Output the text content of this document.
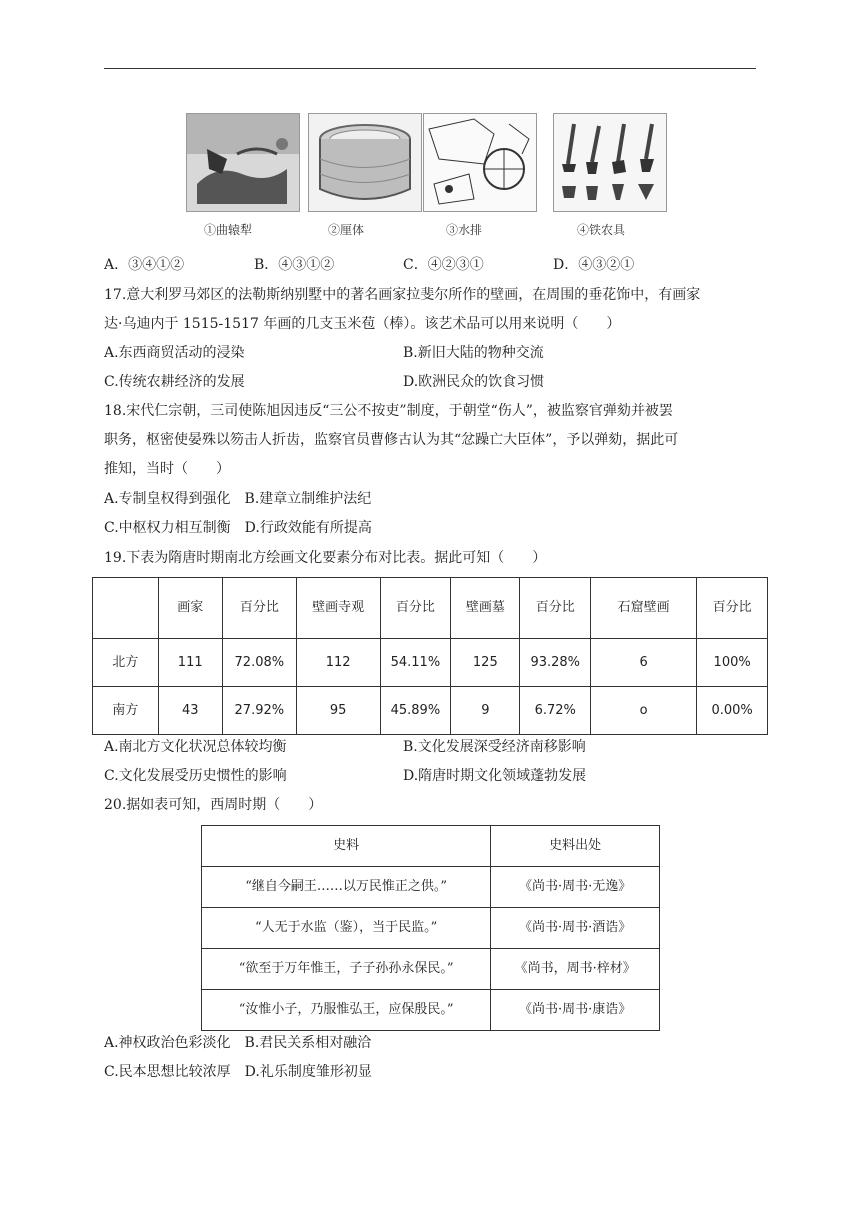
①曲辕犁	②厘体	③水排	④铁农具
A．③④①②	B．④③①②	C．④②③①	D．④③②①
17.意大利罗马郊区的法勒斯纳别墅中的著名画家拉斐尔所作的壁画，在周围的垂花饰中，有画家
达·乌迪内于 1515-1517 年画的几支玉米苞（棒）。该艺术品可以用来说明（　　）
A.东西商贸活动的浸染	B.新旧大陆的物种交流
C.传统农耕经济的发展	D.欧洲民众的饮食习惯
18.宋代仁宗朝，三司使陈旭因违反“三公不按吏”制度，于朝堂“伤人”，被监察官弹劾并被罢
职务，枢密使晏殊以笏击人折齿，监察官员曹修古认为其“忿躁亡大臣体”，予以弹劾，据此可
推知，当时（　　）
A.专制皇权得到强化　B.建章立制维护法纪
C.中枢权力相互制衡　D.行政效能有所提高
19.下表为隋唐时期南北方绘画文化要素分布对比表。据此可知（　　）
	画家	百分比	壁画寺观	百分比	壁画墓	百分比	石窟壁画	百分比
北方	111	72.08%	112	54.11%	125	93.28%	6	100%
南方	43	27.92%	95	45.89%	9	6.72%	o	0.00%
A.南北方文化状况总体较均衡	B.文化发展深受经济南移影响
C.文化发展受历史惯性的影响	D.隋唐时期文化领域蓬勃发展
20.据如表可知，西周时期（　　）
史料	史料出处
“继自今嗣王……以万民惟正之供。”	《尚书·周书·无逸》
“人无于水监（鉴），当于民监。”	《尚书·周书·酒诰》
“欲至于万年惟王，子子孙孙永保民。”	《尚书，周书·梓材》
“汝惟小子，乃服惟弘王，应保殷民。”	《尚书·周书·康诰》
A.神权政治色彩淡化　B.君民关系相对融洽
C.民本思想比较浓厚　D.礼乐制度雏形初显
